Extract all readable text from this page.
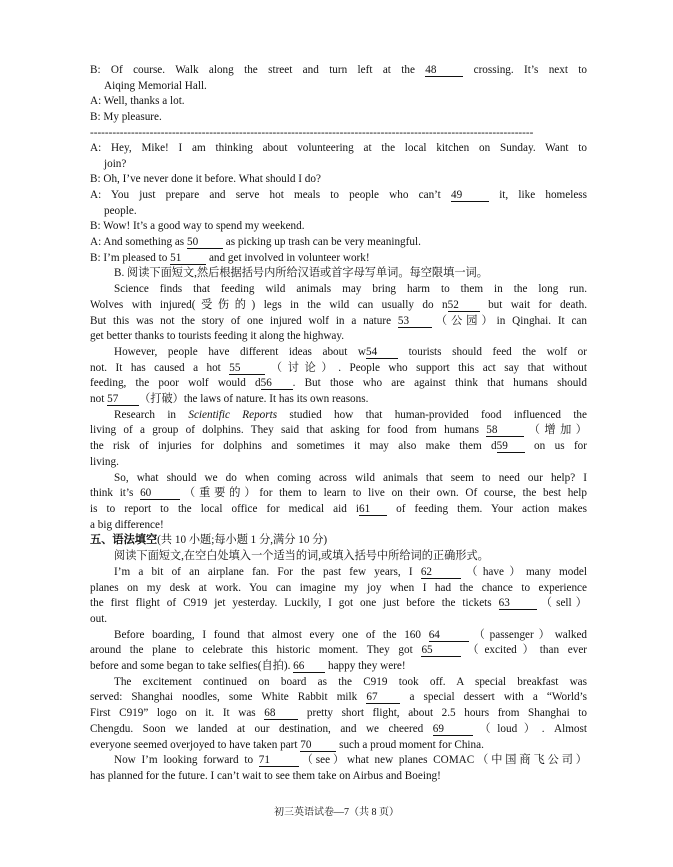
B: Of course. Walk along the street and turn left at the 48 crossing. It’s next to
Aiqing Memorial Hall.
A: Well, thanks a lot.
B: My pleasure.
-----------------------------------------------------------------------------------------------------------------------
A: Hey, Mike! I am thinking about volunteering at the local kitchen on Sunday. Want to
join?
B: Oh, I’ve never done it before. What should I do?
A: You just prepare and serve hot meals to people who can’t 49 it, like homeless
people.
B: Wow! It’s a good way to spend my weekend.
A: And something as 50 as picking up trash can be very meaningful.
B: I’m pleased to 51 and get involved in volunteer work!
B. 阅读下面短文,然后根据括号内所给汉语或首字母写单词。每空限填一词。
Science finds that feeding wild animals may bring harm to them in the long run.
Wolves with injured(受伤的) legs in the wild can usually do n52 but wait for death.
But this was not the story of one injured wolf in a nature 53 （公园）in Qinghai. It can
get better thanks to tourists feeding it along the highway.
However, people have different ideas about w54 tourists should feed the wolf or
not. It has caused a hot 55 （讨论）. People who support this act say that without
feeding, the poor wolf would d56 . But those who are against think that humans should
not 57 （打破）the laws of nature. It has its own reasons.
Research in Scientific Reports studied how that human-provided food influenced the
living of a group of dolphins. They said that asking for food from humans 58 （增加）
the risk of injuries for dolphins and sometimes it may also make them d59 on us for
living.
So, what should we do when coming across wild animals that seem to need our help? I
think it’s 60	（重要的）for them to learn to live on their own. Of course, the best help
is to report to the local office for medical aid i61 of feeding them. Your action makes
a big difference!
五、语法填空(共 10 小题;每小题 1 分,满分 10 分)
阅读下面短文,在空白处填入一个适当的词,或填入括号中所给词的正确形式。
I’m a bit of an airplane fan. For the past few years, I 62	（have）many model
planes on my desk at work. You can imagine my joy when I had the chance to experience
the first flight of C919 jet yesterday. Luckily, I got one just before the tickets 63 （sell）
out.
Before boarding, I found that almost every one of the 160 64	（passenger）walked
around the plane to celebrate this historic moment. They got 65	（excited）than ever
before and some began to take selfies(自拍). 66 happy they were!
The excitement continued on board as the C919 took off. A special breakfast was
served: Shanghai noodles, some White Rabbit milk 67 a special dessert with a “World’s
First C919” logo on it. It was 68 pretty short flight, about 2.5 hours from Shanghai to
Chengdu. Soon we landed at our destination, and we cheered 69	（loud）. Almost
everyone seemed overjoyed to have taken part 70 such a proud moment for China.
Now I’m looking forward to 71	（see）what new planes COMAC（中国商飞公司）
has planned for the future. I can’t wait to see them take on Airbus and Boeing!
初三英语试卷—7（共 8 页）
